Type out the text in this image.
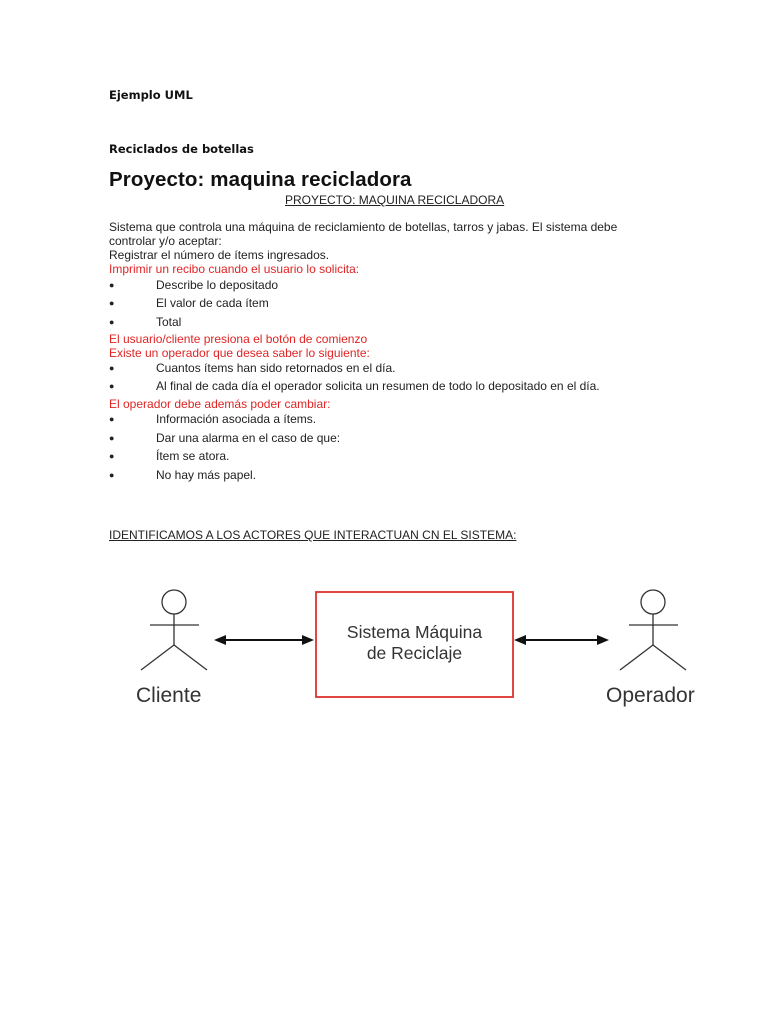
Ejemplo UML
Reciclados de botellas
Proyecto: maquina recicladora
PROYECTO: MAQUINA RECICLADORA
Sistema que controla una máquina de reciclamiento de botellas, tarros y jabas. El sistema debe
controlar y/o aceptar:
Registrar el número de ítems ingresados.
Imprimir un recibo cuando el usuario lo solicita:
●	Describe lo depositado
●	El valor de cada ítem
●	Total
El usuario/cliente presiona el botón de comienzo
Existe un operador que desea saber lo siguiente:
●	Cuantos ítems han sido retornados en el día.
●	Al final de cada día el operador solicita un resumen de todo lo depositado en el día.
El operador debe además poder cambiar:
●	Información asociada a ítems.
●	Dar una alarma en el caso de que:
●	Ítem se atora.
●	No hay más papel.
IDENTIFICAMOS A LOS ACTORES QUE INTERACTUAN CN EL SISTEMA:
Sistema Máquina
de Reciclaje
Cliente	Operador
